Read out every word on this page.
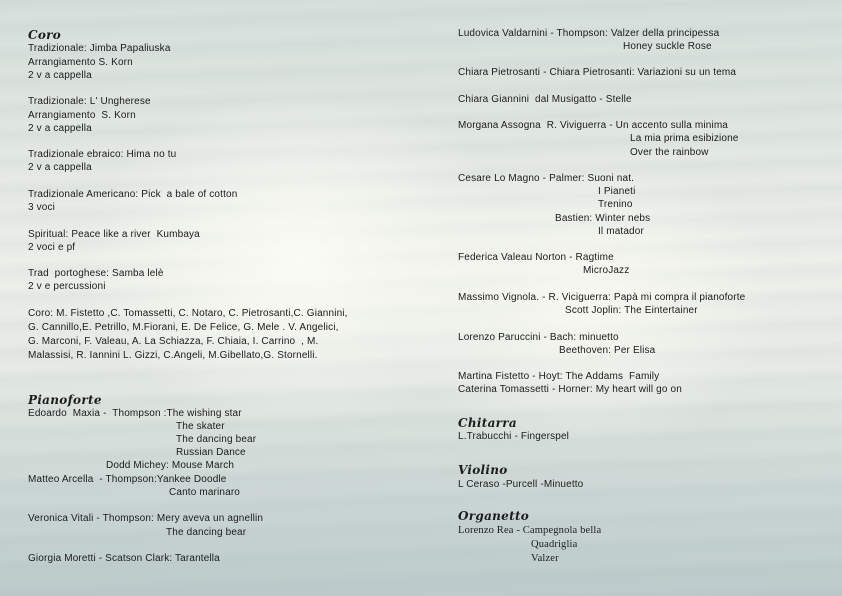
Coro
Tradizionale: Jimba Papaliuska
Arrangiamento S. Korn
2 v a cappella
Tradizionale: L' Ungherese
Arrangiamento  S. Korn
2 v a cappella
Tradizionale ebraico: Hima no tu
2 v a cappella
Tradizionale Americano: Pick  a bale of cotton
3 voci
Spiritual: Peace like a river  Kumbaya
2 voci e pf
Trad  portoghese: Samba lelè
2 v e percussioni
Coro: M. Fistetto ,C. Tomassetti, C. Notaro, C. Pietrosanti,C. Giannini,
G. Cannillo,E. Petrillo, M.Fiorani, E. De Felice, G. Mele . V. Angelici,
G. Marconi, F. Valeau, A. La Schiazza, F. Chiaia, I. Carrino  , M.
Malassisi, R. Iannini L. Gizzi, C.Angeli, M.Gibellato,G. Stornelli.
Pianoforte
Edoardo  Maxia -  Thompson :The wishing star
The skater
The dancing bear
Russian Dance
Dodd Michey: Mouse March
Matteo Arcella  - Thompson:Yankee Doodle
Canto marinaro
Veronica Vitali - Thompson: Mery aveva un agnellin
The dancing bear
Giorgia Moretti - Scatson Clark: Tarantella
Ludovica Valdarnini - Thompson: Valzer della principessa
Honey suckle Rose
Chiara Pietrosanti - Chiara Pietrosanti: Variazioni su un tema
Chiara Giannini  dal Musigatto - Stelle
Morgana Assogna  R. Viviguerra - Un accento sulla minima
La mia prima esibizione
Over the rainbow
Cesare Lo Magno - Palmer: Suoni nat.
I Pianeti
Trenino
Bastien: Winter nebs
Il matador
Federica Valeau Norton - Ragtime
MicroJazz
Massimo Vignola. - R. Viciguerra: Papà mi compra il pianoforte
Scott Joplin: The Eintertainer
Lorenzo Paruccini - Bach: minuetto
Beethoven: Per Elisa
Martina Fistetto - Hoyt: The Addams  Family
Caterina Tomassetti - Horner: My heart will go on
Chitarra
L.Trabucchi - Fingerspel
Violino
L Ceraso -Purcell -Minuetto
Organetto
Lorenzo Rea - Campegnola bella
Quadriglia
Valzer
